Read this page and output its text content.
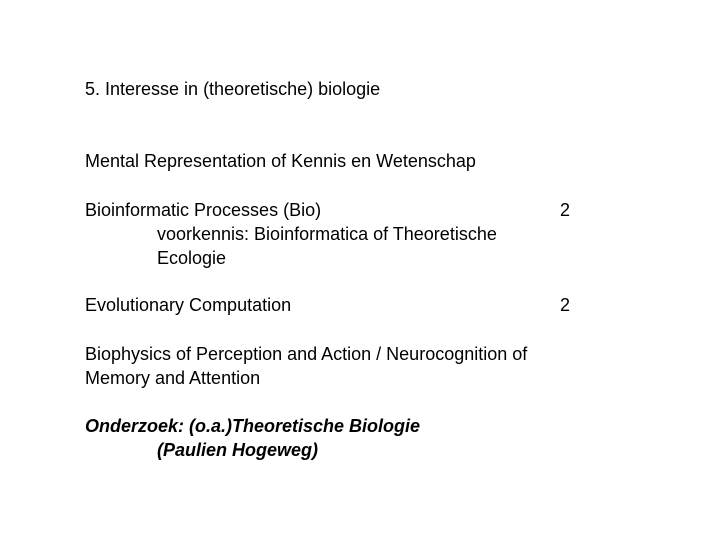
5. Interesse in (theoretische) biologie
Mental Representation of Kennis en Wetenschap
Bioinformatic Processes (Bio)	2
voorkennis: Bioinformatica of Theoretische
Ecologie
Evolutionary Computation	2
Biophysics of Perception and Action / Neurocognition of
Memory and Attention
Onderzoek: (o.a.)Theoretische Biologie
(Paulien Hogeweg)
